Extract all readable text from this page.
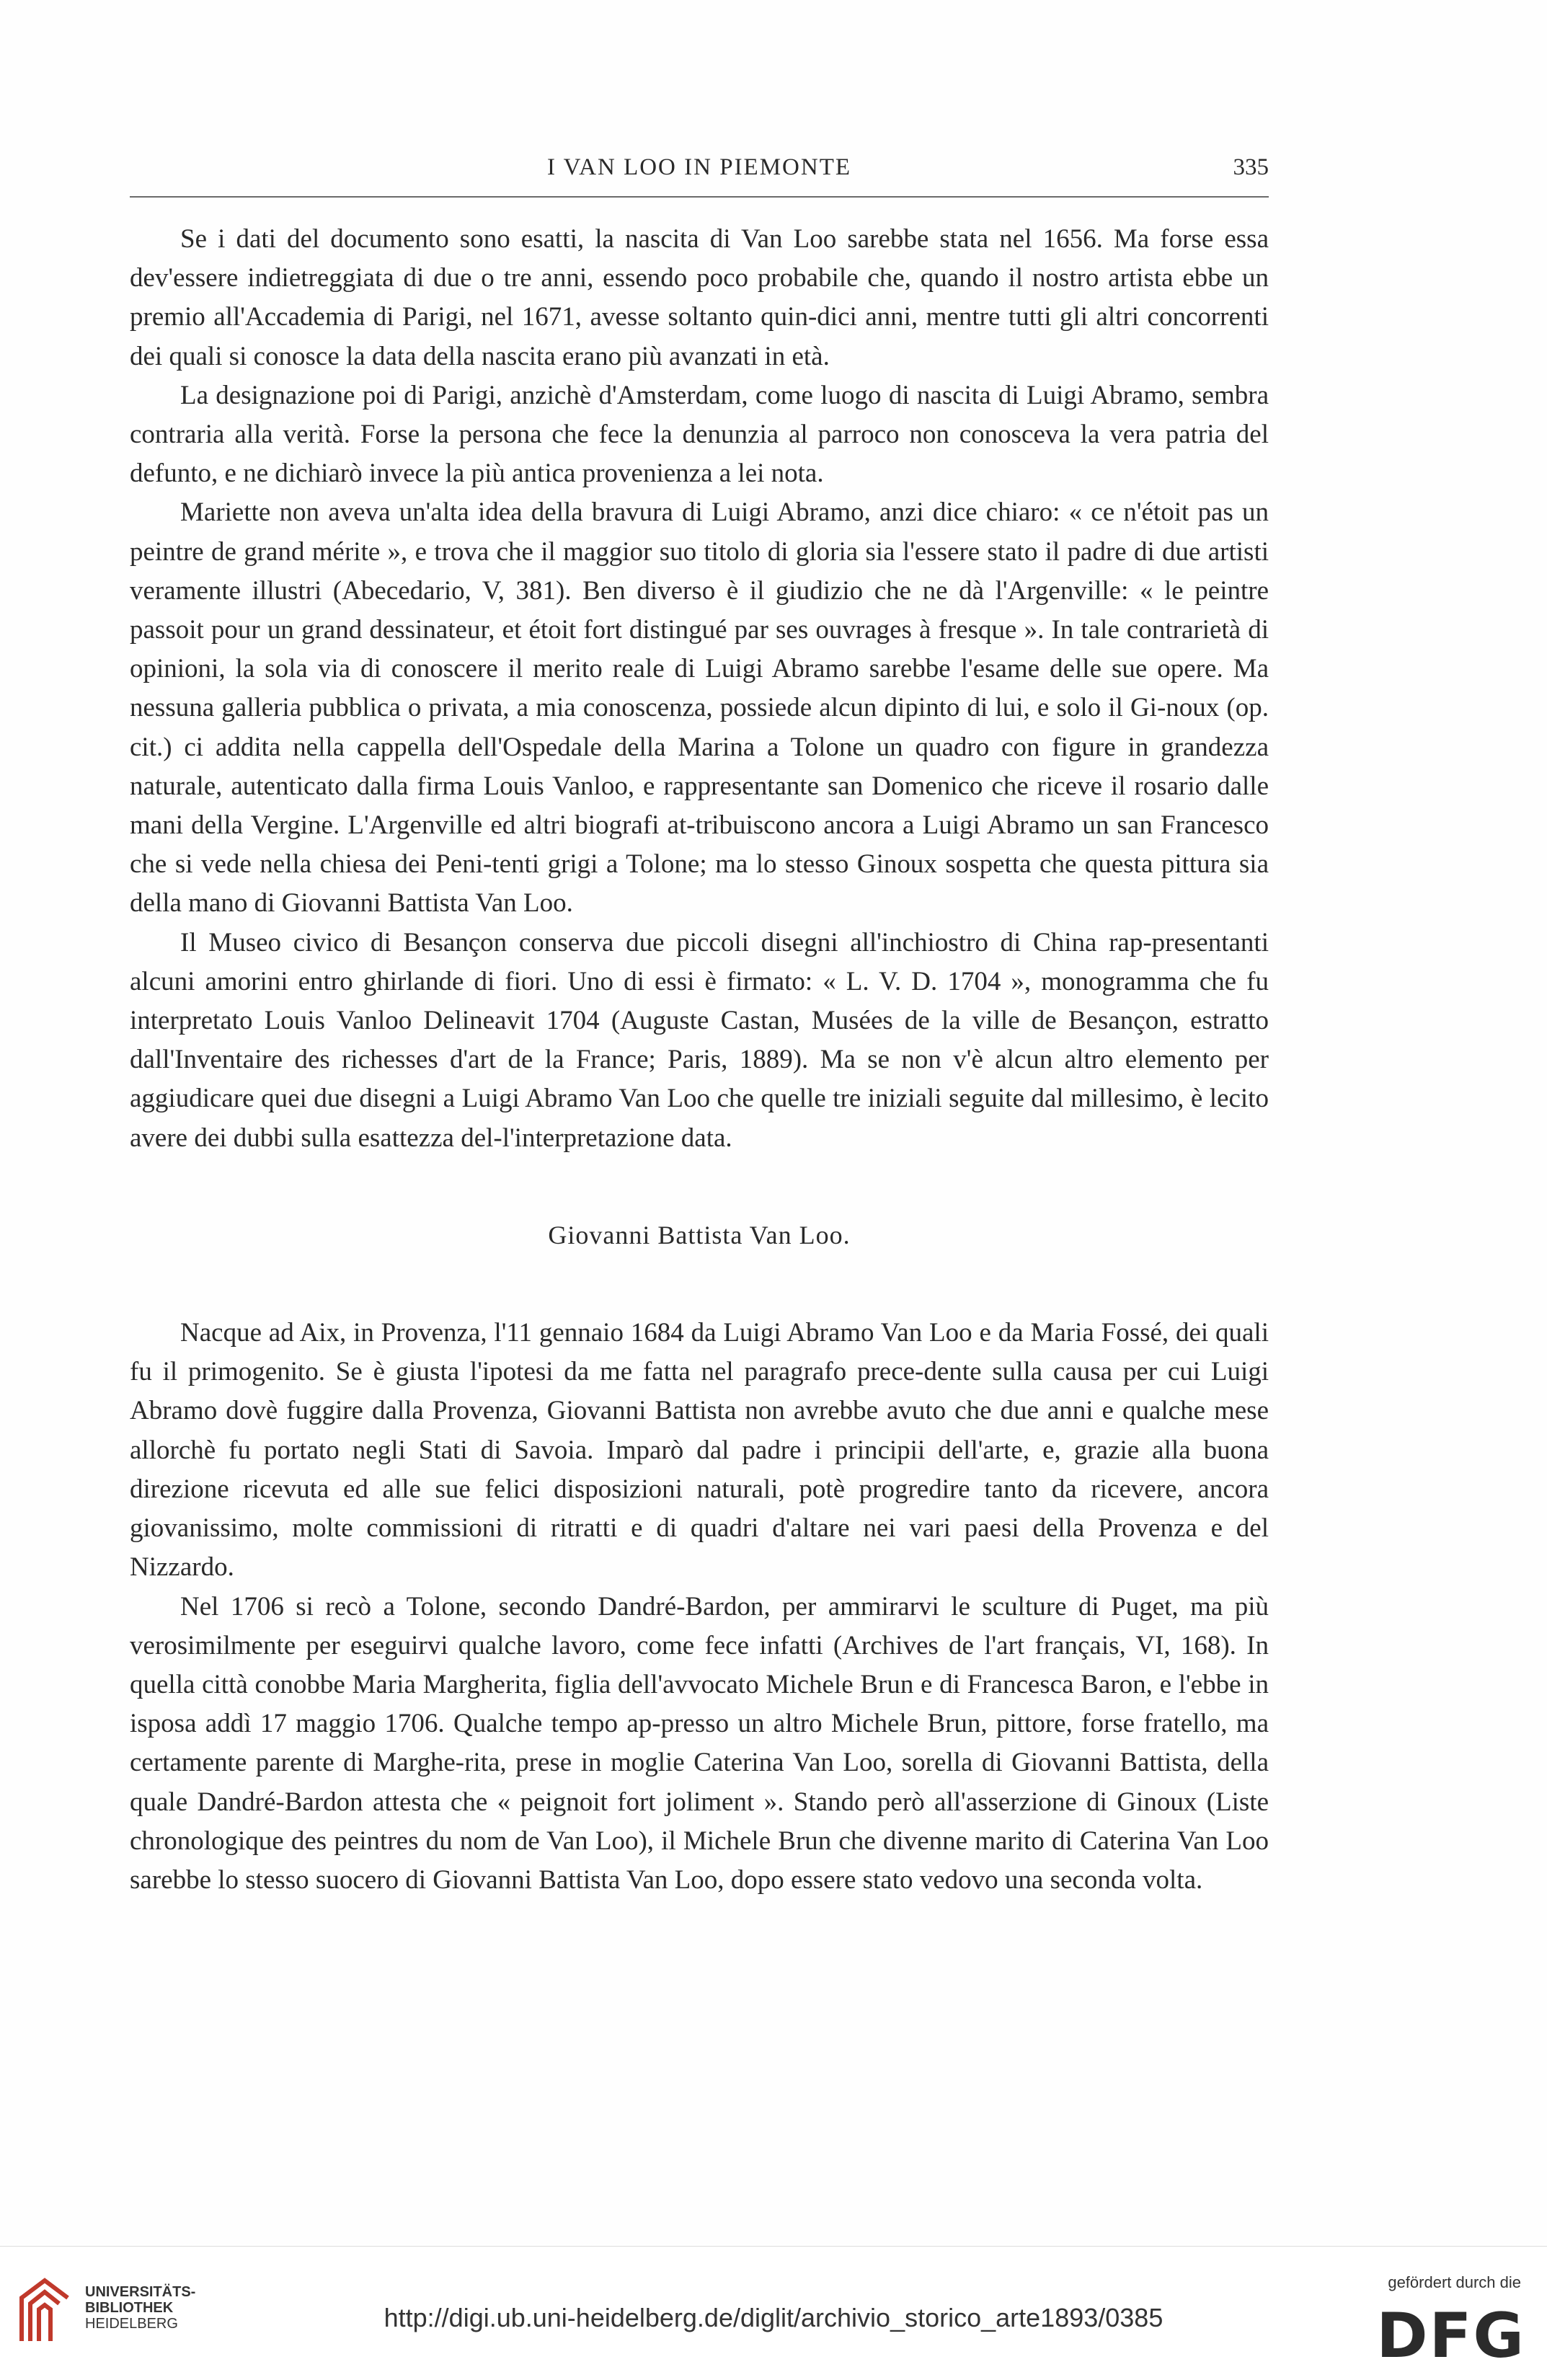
I VAN LOO IN PIEMONTE	335

Se i dati del documento sono esatti, la nascita di Van Loo sarebbe stata nel 1656. Ma forse essa dev'essere indietreggiata di due o tre anni, essendo poco probabile che, quando il nostro artista ebbe un premio all'Accademia di Parigi, nel 1671, avesse soltanto quin-dici anni, mentre tutti gli altri concorrenti dei quali si conosce la data della nascita erano più avanzati in età.

La designazione poi di Parigi, anzichè d'Amsterdam, come luogo di nascita di Luigi Abramo, sembra contraria alla verità. Forse la persona che fece la denunzia al parroco non conosceva la vera patria del defunto, e ne dichiarò invece la più antica provenienza a lei nota.

Mariette non aveva un'alta idea della bravura di Luigi Abramo, anzi dice chiaro: « ce n'étoit pas un peintre de grand mérite », e trova che il maggior suo titolo di gloria sia l'essere stato il padre di due artisti veramente illustri (Abecedario, V, 381). Ben diverso è il giudizio che ne dà l'Argenville: « le peintre passoit pour un grand dessinateur, et étoit fort distingué par ses ouvrages à fresque ». In tale contrarietà di opinioni, la sola via di conoscere il merito reale di Luigi Abramo sarebbe l'esame delle sue opere. Ma nessuna galleria pubblica o privata, a mia conoscenza, possiede alcun dipinto di lui, e solo il Gi-noux (op. cit.) ci addita nella cappella dell'Ospedale della Marina a Tolone un quadro con figure in grandezza naturale, autenticato dalla firma Louis Vanloo, e rappresentante san Domenico che riceve il rosario dalle mani della Vergine. L'Argenville ed altri biografi at-tribuiscono ancora a Luigi Abramo un san Francesco che si vede nella chiesa dei Peni-tenti grigi a Tolone; ma lo stesso Ginoux sospetta che questa pittura sia della mano di Giovanni Battista Van Loo.

Il Museo civico di Besançon conserva due piccoli disegni all'inchiostro di China rap-presentanti alcuni amorini entro ghirlande di fiori. Uno di essi è firmato: « L. V. D. 1704 », monogramma che fu interpretato Louis Vanloo Delineavit 1704 (Auguste Castan, Musées de la ville de Besançon, estratto dall'Inventaire des richesses d'art de la France; Paris, 1889). Ma se non v'è alcun altro elemento per aggiudicare quei due disegni a Luigi Abramo Van Loo che quelle tre iniziali seguite dal millesimo, è lecito avere dei dubbi sulla esattezza del-l'interpretazione data.

Giovanni Battista Van Loo.

Nacque ad Aix, in Provenza, l'11 gennaio 1684 da Luigi Abramo Van Loo e da Maria Fossé, dei quali fu il primogenito. Se è giusta l'ipotesi da me fatta nel paragrafo prece-dente sulla causa per cui Luigi Abramo dovè fuggire dalla Provenza, Giovanni Battista non avrebbe avuto che due anni e qualche mese allorchè fu portato negli Stati di Savoia. Imparò dal padre i principii dell'arte, e, grazie alla buona direzione ricevuta ed alle sue felici disposizioni naturali, potè progredire tanto da ricevere, ancora giovanissimo, molte commissioni di ritratti e di quadri d'altare nei vari paesi della Provenza e del Nizzardo.

Nel 1706 si recò a Tolone, secondo Dandré-Bardon, per ammirarvi le sculture di Puget, ma più verosimilmente per eseguirvi qualche lavoro, come fece infatti (Archives de l'art français, VI, 168). In quella città conobbe Maria Margherita, figlia dell'avvocato Michele Brun e di Francesca Baron, e l'ebbe in isposa addì 17 maggio 1706. Qualche tempo ap-presso un altro Michele Brun, pittore, forse fratello, ma certamente parente di Marghe-rita, prese in moglie Caterina Van Loo, sorella di Giovanni Battista, della quale Dandré-Bardon attesta che « peignoit fort joliment ». Stando però all'asserzione di Ginoux (Liste chronologique des peintres du nom de Van Loo), il Michele Brun che divenne marito di Caterina Van Loo sarebbe lo stesso suocero di Giovanni Battista Van Loo, dopo essere stato vedovo una seconda volta.

UNIVERSITÄTS-
BIBLIOTHEK
HEIDELBERG	http://digi.ub.uni-heidelberg.de/diglit/archivio_storico_arte1893/0385
gefördert durch die
DFG
